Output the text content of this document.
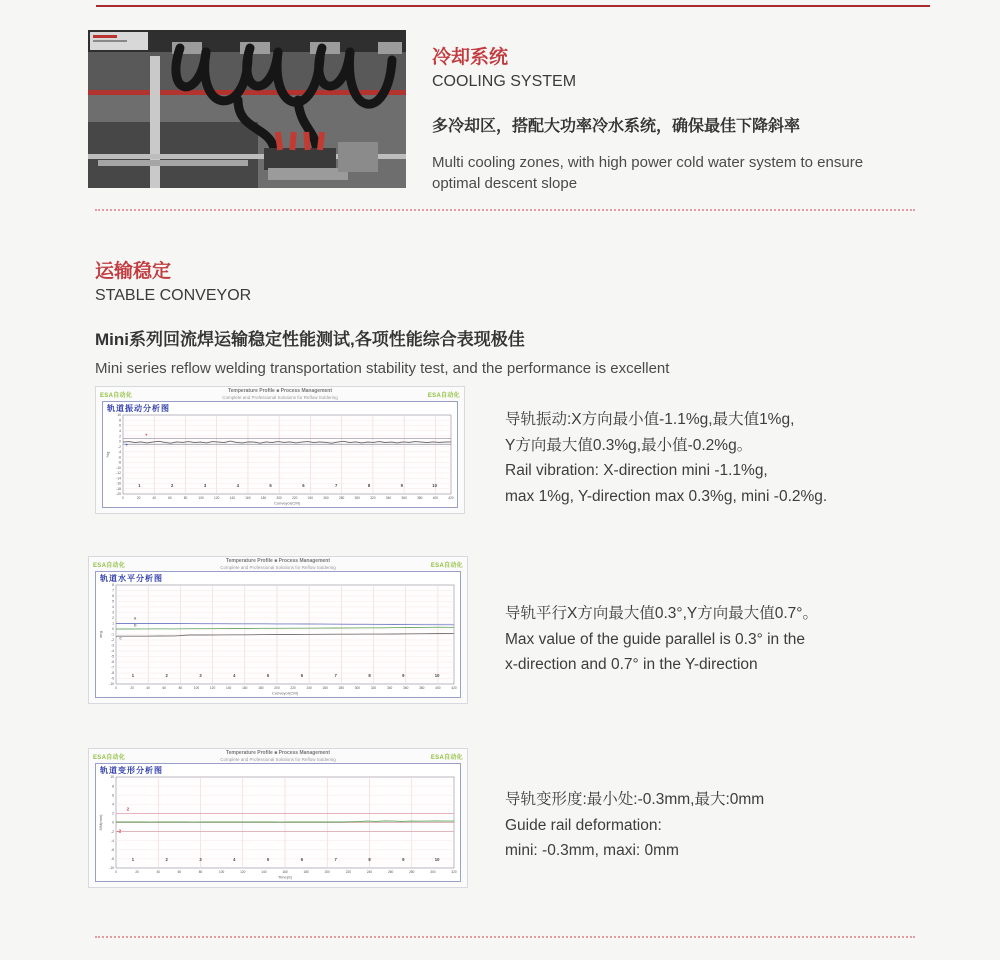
冷却系统
COOLING SYSTEM
多冷却区，搭配大功率冷水系统，确保最佳下降斜率
Multi cooling zones, with high power cold water system to ensure optimal descent slope
运输稳定
STABLE CONVEYOR
Mini系列回流焊运输稳定性能测试,各项性能综合表现极佳
Mini series reflow welding transportation stability test, and the performance is excellent
ESA自动化
Temperature Profile ■ Process Management
Complete and Professional Solutions for Reflow Soldering	ESA自动化
轨道振动分析图
-20
-18
-16
-14
-12
-10
-8
-6
-4
-2
0
2
4
6
8
10
0	20	40	60	80	100	120	140	160	180	200	220	240	260	280	300	320	340	360	380	400	420
+
+
1	2	3	4	5	6	7	8	9	10
Conveyor(CM)
%g
导轨振动:X方向最小值-1.1%g,最大值1%g,
Y方向最大值0.3%g,最小值-0.2%g。
Rail vibration: X-direction mini -1.1%g,
max 1%g, Y-direction max 0.3%g, mini -0.2%g.
ESA自动化
Temperature Profile ■ Process Management
Complete and Professional Solutions for Reflow Soldering	ESA自动化
轨道水平分析图
-10
-9
-8
-7
-6
-5
-4
-3
-2
-1
0
1
2
3
4
5
6
7
8
0	20	40	60	80	100	120	140	160	180	200	220	240	260	280	300	320	340	360	380	400	420
a
b
c
1	2	3	4	5	6	7	8	9	10
Conveyor(CM)
deg
导轨平行X方向最大值0.3°,Y方向最大值0.7°。
Max value of the guide parallel is 0.3° in the
x-direction and 0.7° in the Y-direction
ESA自动化
Temperature Profile ■ Process Management
Complete and Professional Solutions for Reflow Soldering	ESA自动化
轨道变形分析图
-10
-8
-6
-4
-2
0
2
4
6
8
10
0	20	40	60	80	100	120	140	160	180	200	220	240	260	280	300	320
2
-2
1	2	3	4	5	6	7	8	9	10
Time(S)
MM(mm)
导轨变形度:最小处:-0.3mm,最大:0mm
Guide rail deformation:
mini: -0.3mm, maxi: 0mm
